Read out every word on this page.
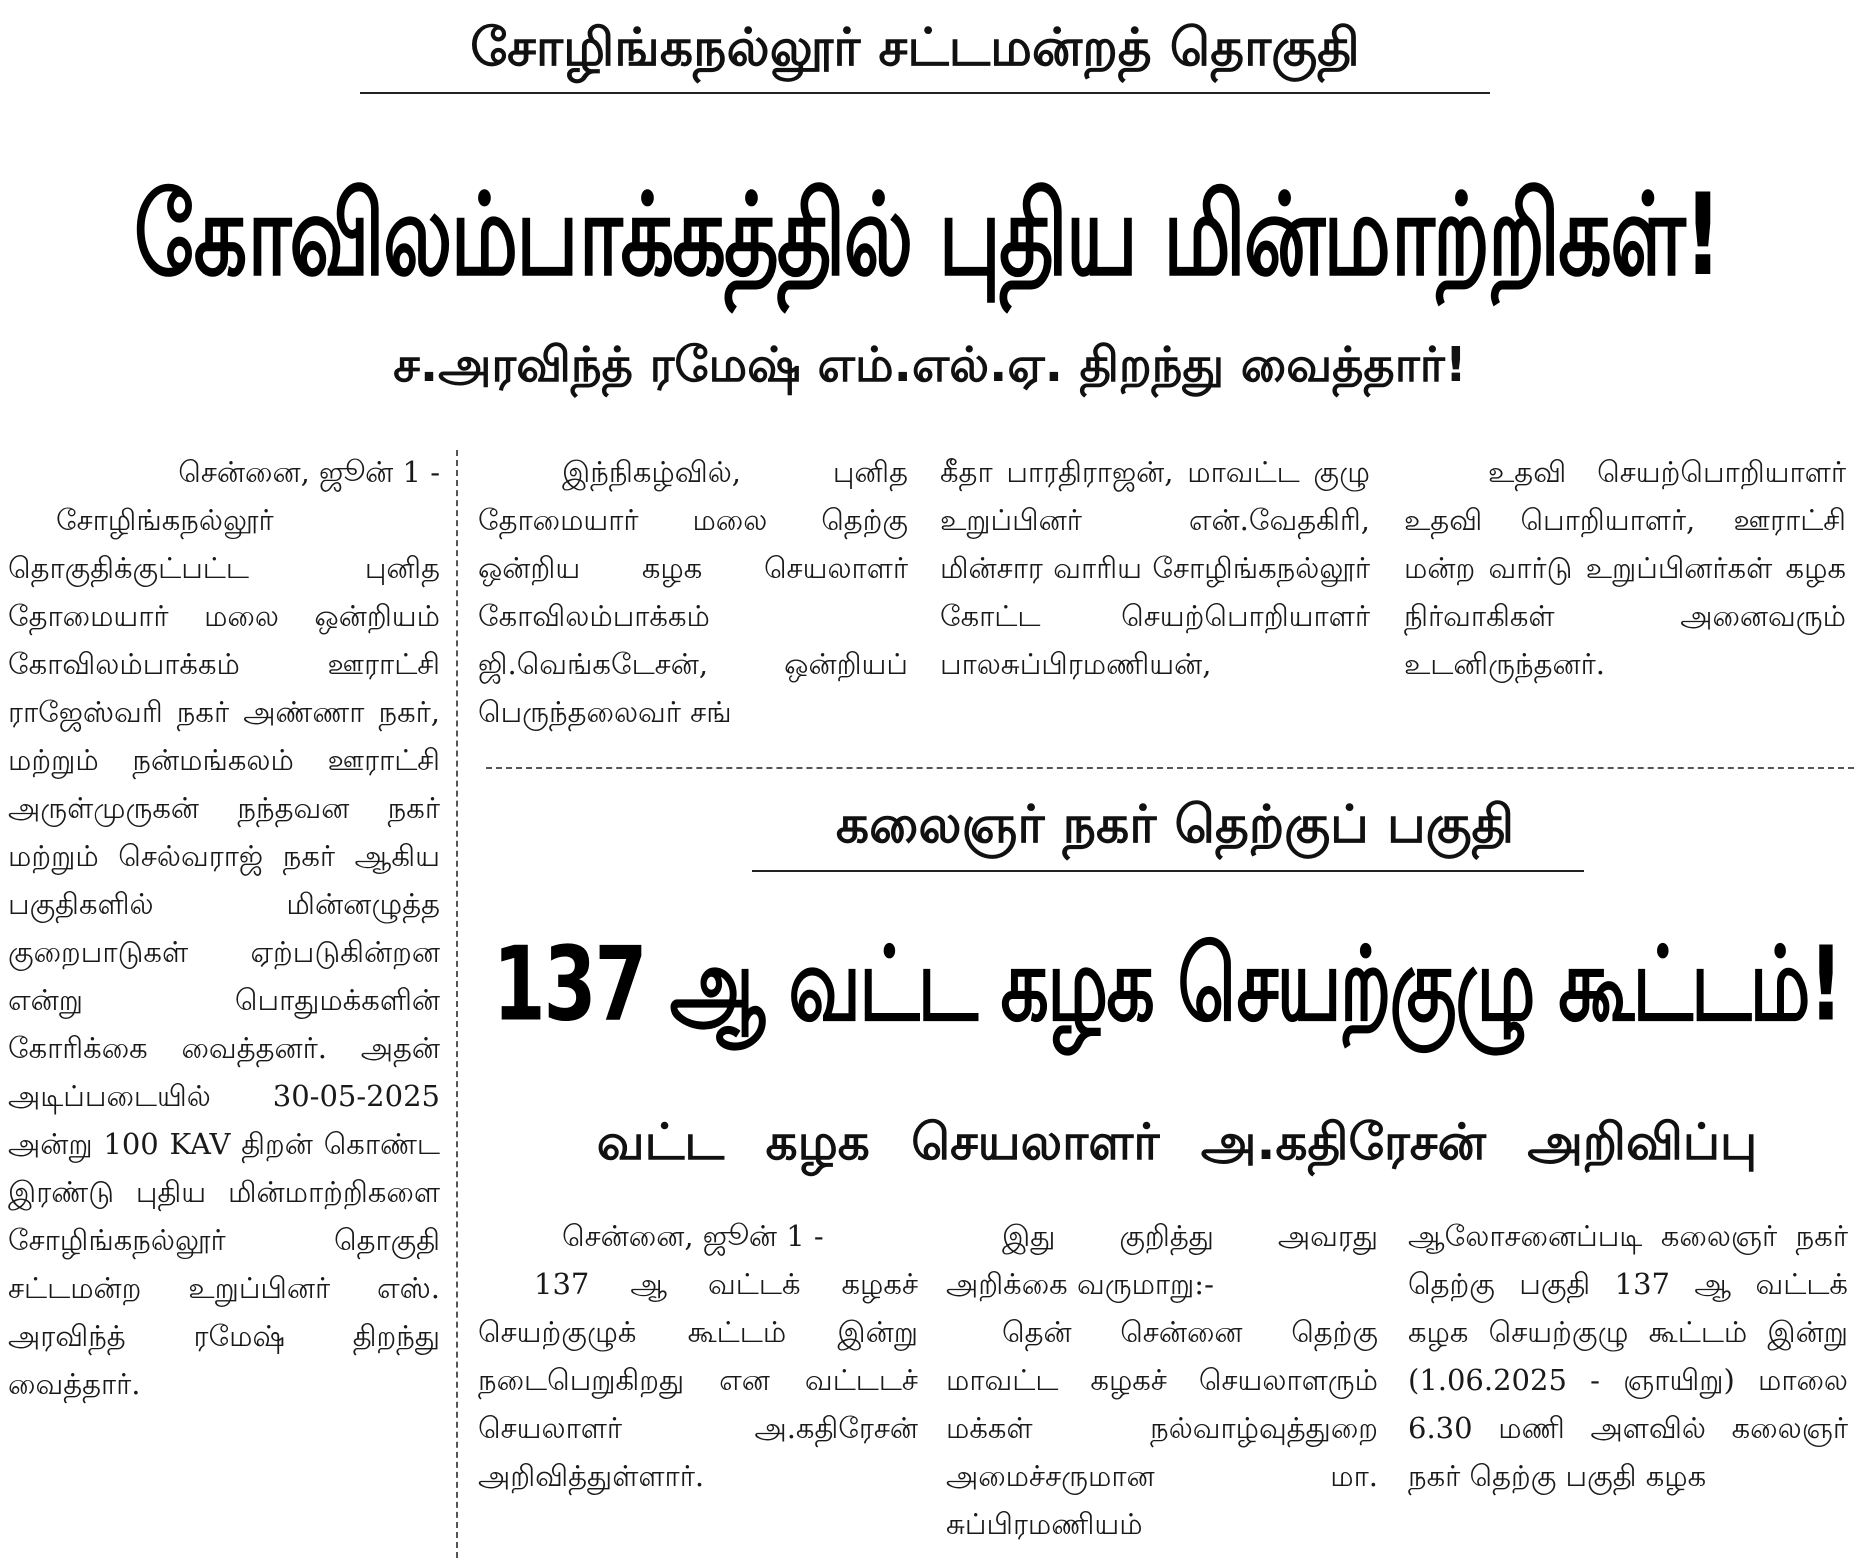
சோழிங்கநல்லூர் சட்டமன்றத் தொகுதி
கோவிலம்பாக்கத்தில் புதிய மின்மாற்றிகள்!
ச.அரவிந்த் ரமேஷ் எம்.எல்.ஏ. திறந்து வைத்தார்!

சென்னை, ஜூன் 1 -

சோழிங்கநல்லூர் தொகுதிக்குட்பட்ட புனித தோமையார் மலை ஒன்றியம் கோவிலம்பாக்கம் ஊராட்சி ராஜேஸ்வரி நகர் அண்ணா நகர், மற்றும் நன்மங்கலம் ஊராட்சி அருள்முருகன் நந்தவன நகர் மற்றும் செல்வராஜ் நகர் ஆகிய பகுதிகளில் மின்னழுத்த குறைபாடுகள் ஏற்படுகின்றன என்று பொதுமக்களின் கோரிக்கை வைத்தனர். அதன் அடிப்படையில் 30-05-2025 அன்று 100 KAV திறன் கொண்ட இரண்டு புதிய மின்மாற்றிகளை சோழிங்கநல்லூர் தொகுதி சட்டமன்ற உறுப்பினர் எஸ். அரவிந்த் ரமேஷ் திறந்து வைத்தார்.

இந்நிகழ்வில், புனித தோமையார் மலை தெற்கு ஒன்றிய கழக செயலாளர் கோவிலம்பாக்கம் ஜி.வெங்கடேசன், ஒன்றியப் பெருந்தலைவர் சங்

கீதா பாரதிராஜன், மாவட்ட குழு உறுப்பினர் என்.வேதகிரி, மின்சார வாரிய சோழிங்கநல்லூர் கோட்ட செயற்பொறியாளர் பாலசுப்பிரமணியன்,

உதவி செயற்பொறியாளர் உதவி பொறியாளர், ஊராட்சி மன்ற வார்டு உறுப்பினர்கள் கழக நிர்வாகிகள் அனைவரும் உடனிருந்தனர்.

கலைஞர் நகர் தெற்குப் பகுதி
137 ஆ வட்ட கழக செயற்குழு கூட்டம்!
வட்ட கழக செயலாளர் அ.கதிரேசன் அறிவிப்பு

சென்னை, ஜூன் 1 -

137 ஆ வட்டக் கழகச் செயற்குழுக் கூட்டம் இன்று நடைபெறுகிறது என வட்டடச் செயலாளர் அ.கதிரேசன் அறிவித்துள்ளார்.

இது குறித்து அவரது அறிக்கை வருமாறு:-

தென் சென்னை தெற்கு மாவட்ட கழகச் செயலாளரும் மக்கள் நல்வாழ்வுத்துறை அமைச்சருமான மா. சுப்பிரமணியம்

ஆலோசனைப்படி கலைஞர் நகர் தெற்கு பகுதி 137 ஆ வட்டக் கழக செயற்குழு கூட்டம் இன்று (1.06.2025 - ஞாயிறு) மாலை 6.30 மணி அளவில் கலைஞர் நகர் தெற்கு பகுதி கழக
